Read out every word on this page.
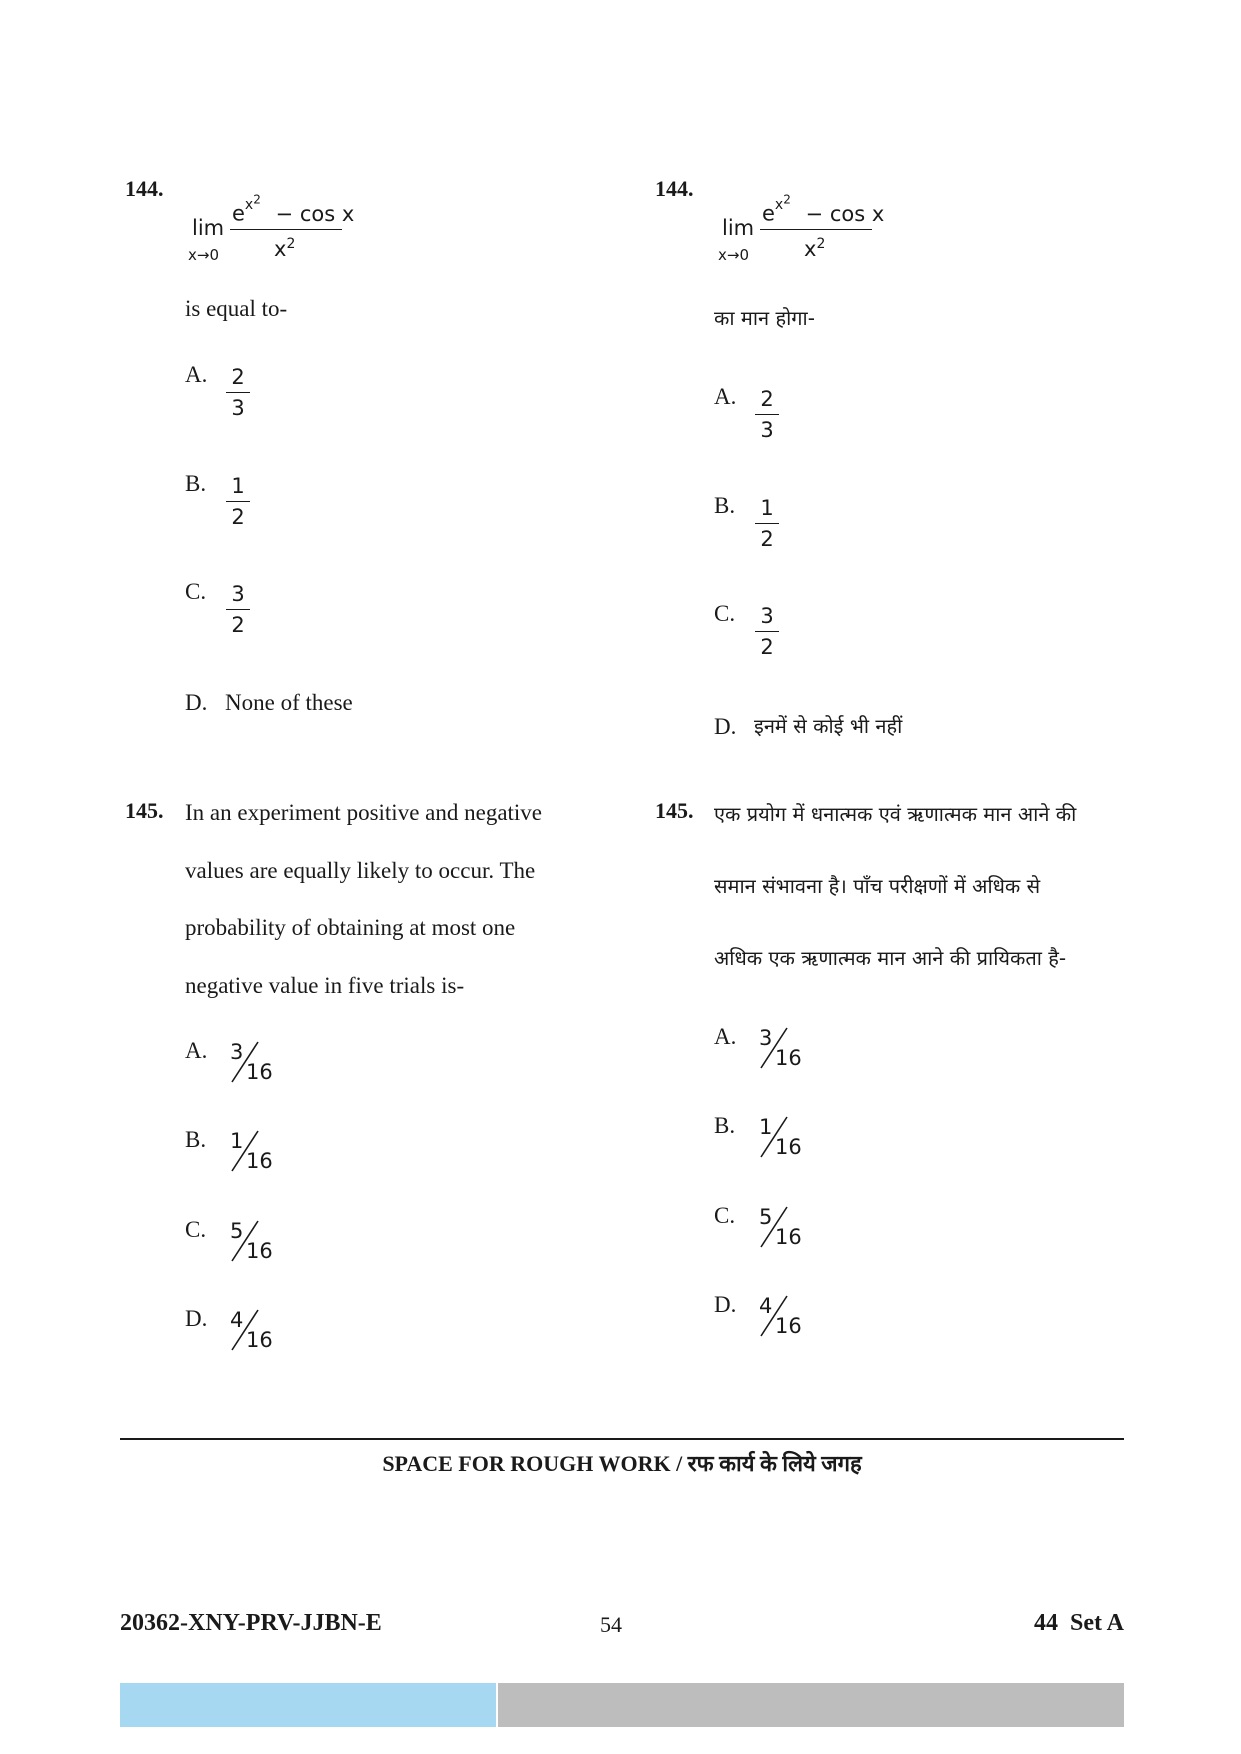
144.
lim
x→0
$e^{x^2} - \cos x$
$x^2$
is equal to-
A. 2
3
B. 1
2
C. 3
2
D. None of these
145. In an experiment positive and negative
values are equally likely to occur. The
probability of obtaining at most one
negative value in five trials is-
A. 3
16
B. 1
16
C. 5
16
D. 4
16
144.
lim
x→0
$e^{x^2} - \cos x$
$x^2$
का मान होगा-
A. 2
3
B. 1
2
C. 3
2
D. इनमें से कोई भी नहीं
145. एक प्रयोग में धनात्मक एवं ऋणात्मक मान आने की
समान संभावना है। पाँच परीक्षणों में अधिक से
अधिक एक ऋणात्मक मान आने की प्रायिकता है-
A. 3
16
B. 1
16
C. 5
16
D. 4
16
SPACE FOR ROUGH WORK / रफ कार्य के लिये जगह
20362-XNY-PRV-JJBN-E	54	44  Set A
